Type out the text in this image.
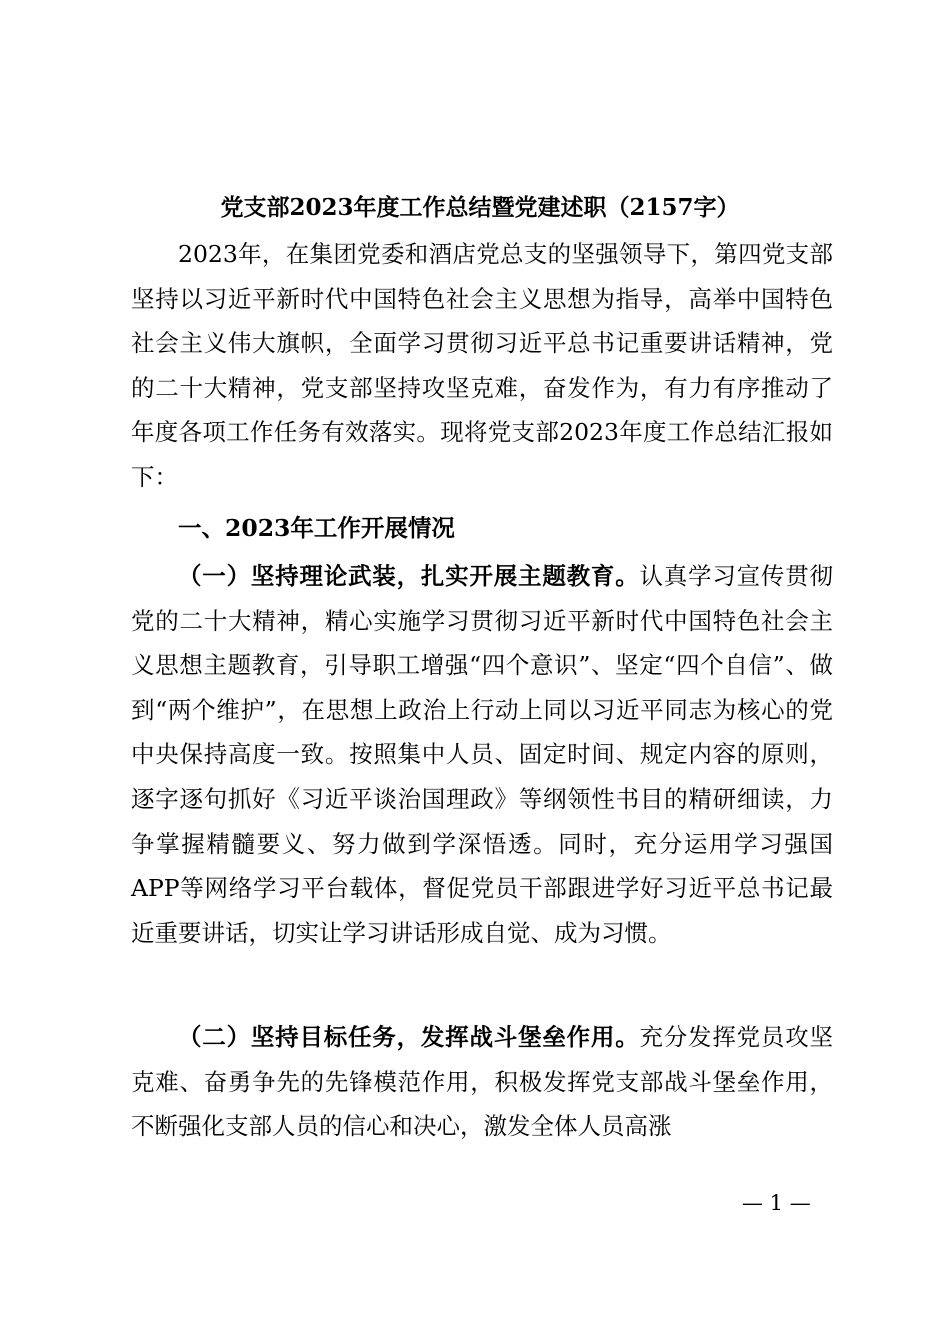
党支部2023年度工作总结暨党建述职（2157字）

2023年，在集团党委和酒店党总支的坚强领导下，第四党支部坚持以习近平新时代中国特色社会主义思想为指导，高举中国特色社会主义伟大旗帜，全面学习贯彻习近平总书记重要讲话精神，党的二十大精神，党支部坚持攻坚克难，奋发作为，有力有序推动了年度各项工作任务有效落实。现将党支部2023年度工作总结汇报如下：

一、2023年工作开展情况

（一）坚持理论武装，扎实开展主题教育。认真学习宣传贯彻党的二十大精神，精心实施学习贯彻习近平新时代中国特色社会主义思想主题教育，引导职工增强“四个意识”、坚定“四个自信”、做到“两个维护”，在思想上政治上行动上同以习近平同志为核心的党中央保持高度一致。按照集中人员、固定时间、规定内容的原则，逐字逐句抓好《习近平谈治国理政》等纲领性书目的精研细读，力争掌握精髓要义、努力做到学深悟透。同时，充分运用学习强国APP等网络学习平台载体，督促党员干部跟进学好习近平总书记最近重要讲话，切实让学习讲话形成自觉、成为习惯。

（二）坚持目标任务，发挥战斗堡垒作用。充分发挥党员攻坚克难、奋勇争先的先锋模范作用，积极发挥党支部战斗堡垒作用，不断强化支部人员的信心和决心，激发全体人员高涨

— 1 —
